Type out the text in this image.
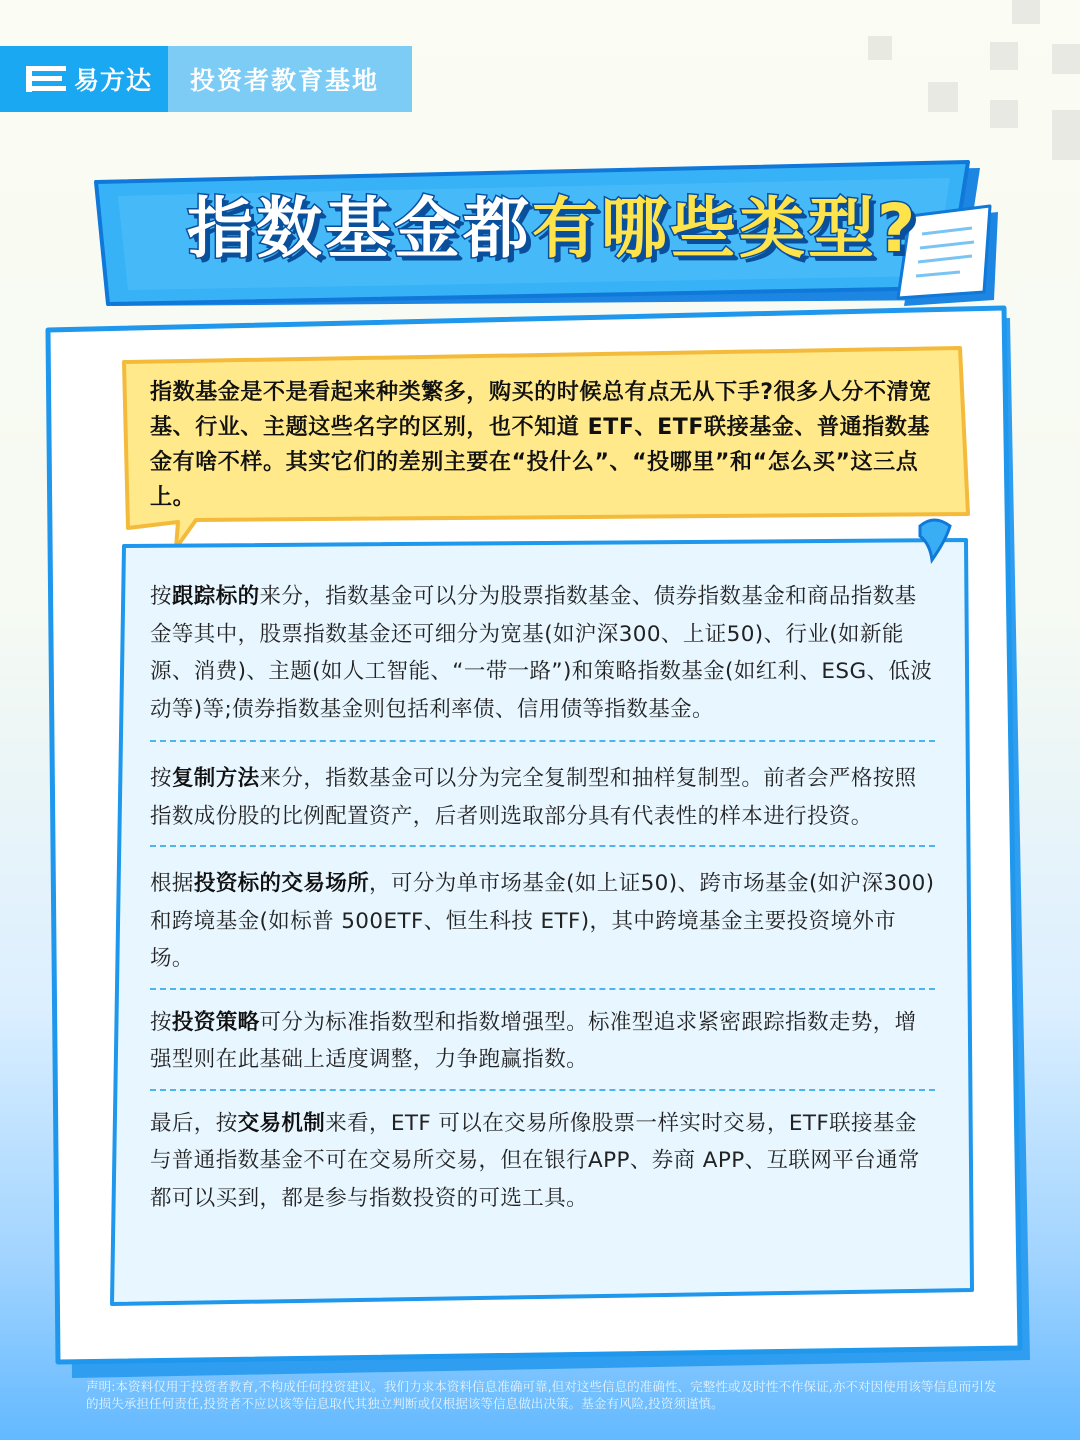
易方达	投资者教育基地
指数基金都有哪些类型?
指数基金是不是看起来种类繁多，购买的时候总有点无从下手?很多人分不清宽基、行业、主题这些名字的区别，也不知道 ETF、ETF联接基金、普通指数基金有啥不样。其实它们的差别主要在“投什么”、“投哪里”和“怎么买”这三点上。
按跟踪标的来分，指数基金可以分为股票指数基金、债券指数基金和商品指数基金等其中，股票指数基金还可细分为宽基(如沪深300、上证50)、行业(如新能源、消费)、主题(如人工智能、“一带一路”)和策略指数基金(如红利、ESG、低波动等)等;债券指数基金则包括利率债、信用债等指数基金。
按复制方法来分，指数基金可以分为完全复制型和抽样复制型。前者会严格按照指数成份股的比例配置资产，后者则选取部分具有代表性的样本进行投资。
根据投资标的交易场所，可分为单市场基金(如上证50)、跨市场基金(如沪深300)和跨境基金(如标普 500ETF、恒生科技 ETF)，其中跨境基金主要投资境外市场。
按投资策略可分为标准指数型和指数增强型。标准型追求紧密跟踪指数走势，增强型则在此基础上适度调整，力争跑赢指数。
最后，按交易机制来看，ETF 可以在交易所像股票一样实时交易，ETF联接基金与普通指数基金不可在交易所交易，但在银行APP、券商 APP、互联网平台通常都可以买到，都是参与指数投资的可选工具。
声明:本资料仅用于投资者教育,不构成任何投资建议。我们力求本资料信息准确可靠,但对这些信息的准确性、完整性或及时性不作保证,亦不对因使用该等信息而引发的损失承担任何责任,投资者不应以该等信息取代其独立判断或仅根据该等信息做出决策。基金有风险,投资须谨慎。
